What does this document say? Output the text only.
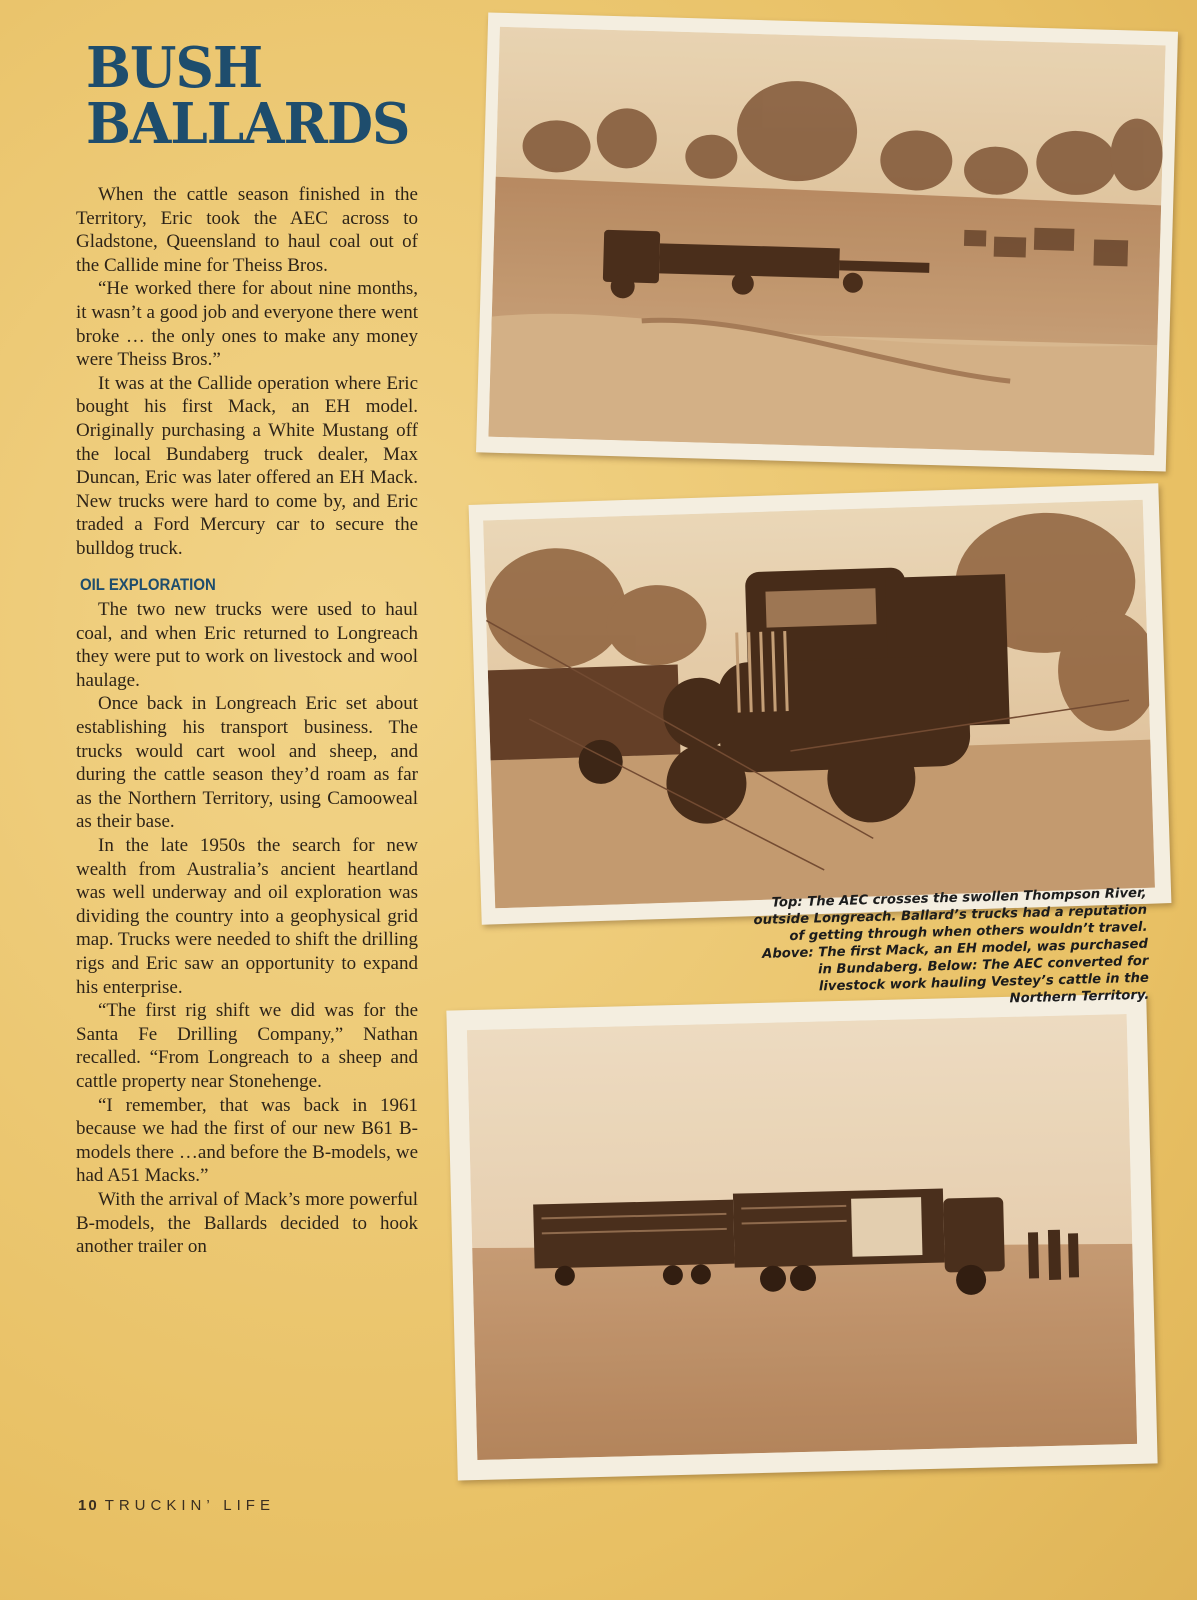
BUSH
BALLARDS

When the cattle season finished in the Territory, Eric took the AEC across to Gladstone, Queensland to haul coal out of the Callide mine for Theiss Bros.

“He worked there for about nine months, it wasn’t a good job and everyone there went broke … the only ones to make any money were Theiss Bros.”

It was at the Callide operation where Eric bought his first Mack, an EH model. Originally purchasing a White Mustang off the local Bundaberg truck dealer, Max Duncan, Eric was later offered an EH Mack. New trucks were hard to come by, and Eric traded a Ford Mercury car to secure the bulldog truck.

OIL EXPLORATION

The two new trucks were used to haul coal, and when Eric returned to Longreach they were put to work on livestock and wool haulage.

Once back in Longreach Eric set about establishing his transport business. The trucks would cart wool and sheep, and during the cattle season they’d roam as far as the Northern Territory, using Camooweal as their base.

In the late 1950s the search for new wealth from Australia’s ancient heartland was well underway and oil exploration was dividing the country into a geophysical grid map. Trucks were needed to shift the drilling rigs and Eric saw an opportunity to expand his enterprise.

“The first rig shift we did was for the Santa Fe Drilling Company,” Nathan recalled. “From Longreach to a sheep and cattle property near Stonehenge.

“I remember, that was back in 1961 because we had the first of our new B61 B-models there …and before the B-models, we had A51 Macks.”

With the arrival of Mack’s more powerful B-models, the Ballards decided to hook another trailer on

10 TRUCKIN’ LIFE
Top: The AEC crosses the swollen Thompson River, outside Longreach. Ballard’s trucks had a reputation of getting through when others wouldn’t travel. Above: The first Mack, an EH model, was purchased in Bundaberg. Below: The AEC converted for livestock work hauling Vestey’s cattle in the Northern Territory.
